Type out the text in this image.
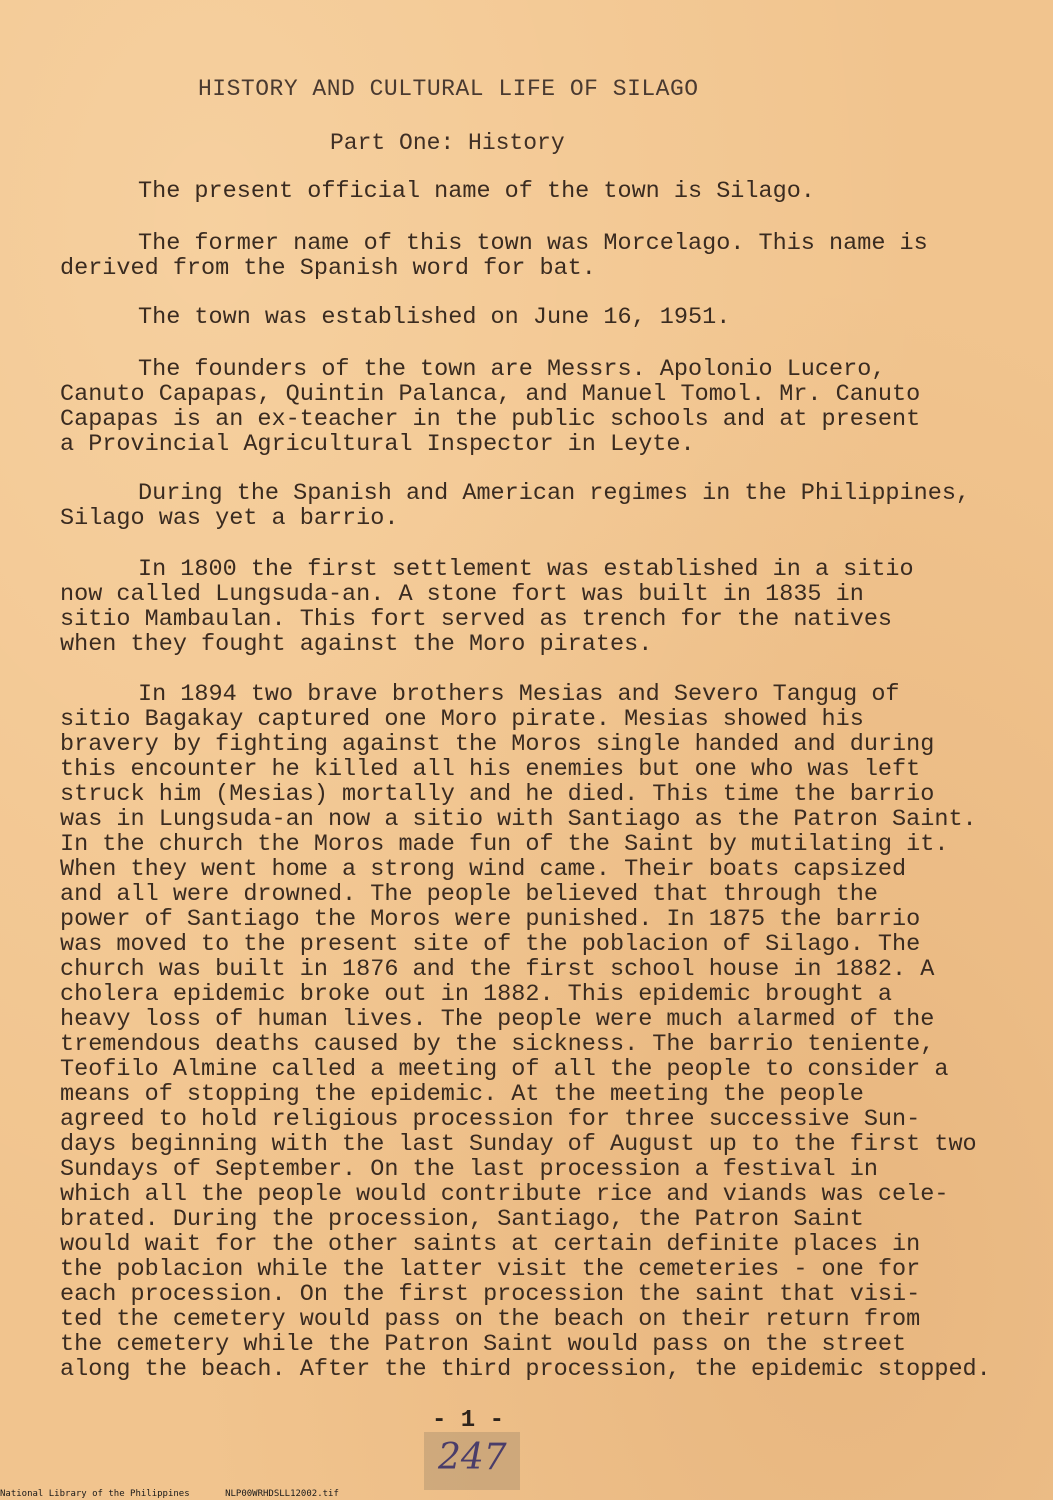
HISTORY AND CULTURAL LIFE OF SILAGO
Part One: History
The present official name of the town is Silago.
The former name of this town was Morcelago. This name is
derived from the Spanish word for bat.
The town was established on June 16, 1951.
The founders of the town are Messrs. Apolonio Lucero,
Canuto Capapas, Quintin Palanca, and Manuel Tomol. Mr. Canuto
Capapas is an ex-teacher in the public schools and at present
a Provincial Agricultural Inspector in Leyte.
During the Spanish and American regimes in the Philippines,
Silago was yet a barrio.
In 1800 the first settlement was established in a sitio
now called Lungsuda-an. A stone fort was built in 1835 in
sitio Mambaulan. This fort served as trench for the natives
when they fought against the Moro pirates.
In 1894 two brave brothers Mesias and Severo Tangug of
sitio Bagakay captured one Moro pirate. Mesias showed his
bravery by fighting against the Moros single handed and during
this encounter he killed all his enemies but one who was left
struck him (Mesias) mortally and he died. This time the barrio
was in Lungsuda-an now a sitio with Santiago as the Patron Saint.
In the church the Moros made fun of the Saint by mutilating it.
When they went home a strong wind came. Their boats capsized
and all were drowned. The people believed that through the
power of Santiago the Moros were punished. In 1875 the barrio
was moved to the present site of the poblacion of Silago. The
church was built in 1876 and the first school house in 1882. A
cholera epidemic broke out in 1882. This epidemic brought a
heavy loss of human lives. The people were much alarmed of the
tremendous deaths caused by the sickness. The barrio teniente,
Teofilo Almine called a meeting of all the people to consider a
means of stopping the epidemic. At the meeting the people
agreed to hold religious procession for three successive Sun-
days beginning with the last Sunday of August up to the first two
Sundays of September. On the last procession a festival in
which all the people would contribute rice and viands was cele-
brated. During the procession, Santiago, the Patron Saint
would wait for the other saints at certain definite places in
the poblacion while the latter visit the cemeteries - one for
each procession. On the first procession the saint that visi-
ted the cemetery would pass on the beach on their return from
the cemetery while the Patron Saint would pass on the street
along the beach. After the third procession, the epidemic stopped.
- 1 -
247
National Library of the Philippines	NLP00WRHDSLL12002.tif
